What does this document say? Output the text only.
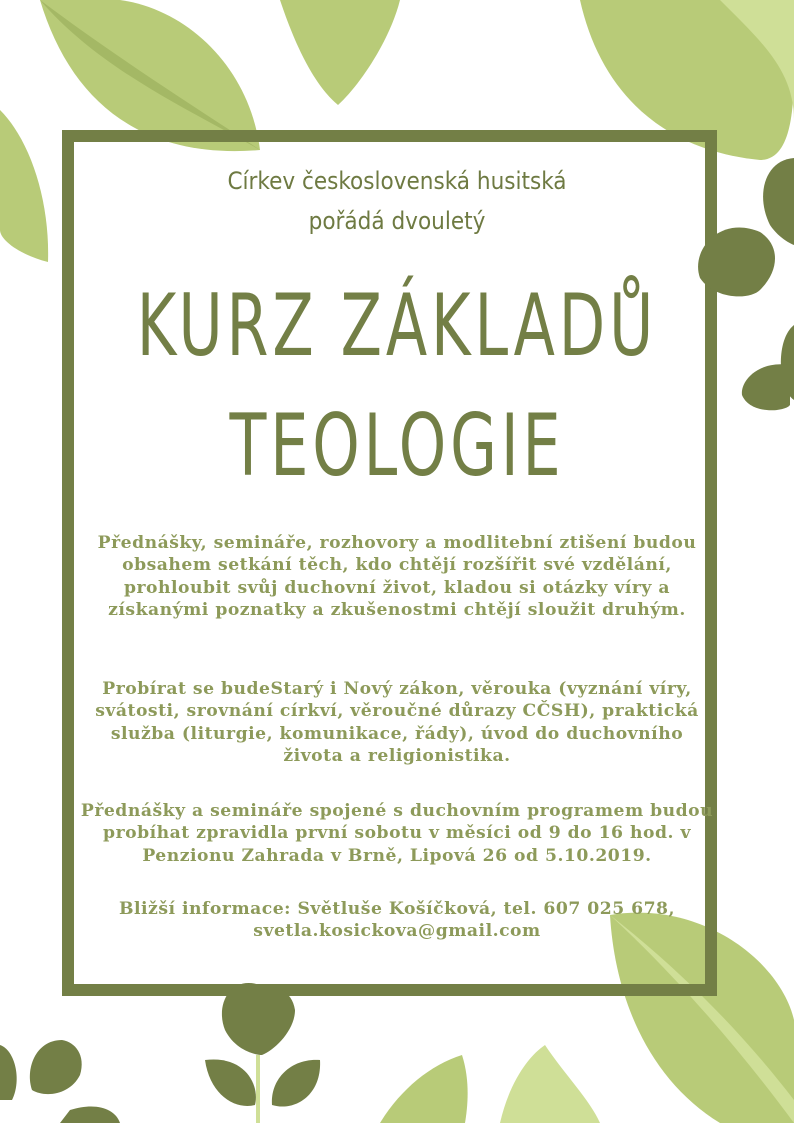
Církev československá husitská
pořádá dvouletý
KURZ ZÁKLADŮ
TEOLOGIE
Přednášky, semináře, rozhovory a modlitební ztišení budou obsahem setkání těch, kdo chtějí rozšířit své vzdělání, prohloubit svůj duchovní život, kladou si otázky víry a získanými poznatky a zkušenostmi chtějí sloužit druhým.
Probírat se budeStarý i Nový zákon, věrouka (vyznání víry, svátosti, srovnání církví, věroučné důrazy CČSH), praktická služba (liturgie, komunikace, řády), úvod do duchovního života a religionistika.
Přednášky a semináře spojené s duchovním programem budou probíhat zpravidla první sobotu v měsíci od 9 do 16 hod. v Penzionu Zahrada v Brně, Lipová 26 od 5.10.2019.
Bližší informace: Světluše Košíčková, tel. 607 025 678,
svetla.kosickova@gmail.com
